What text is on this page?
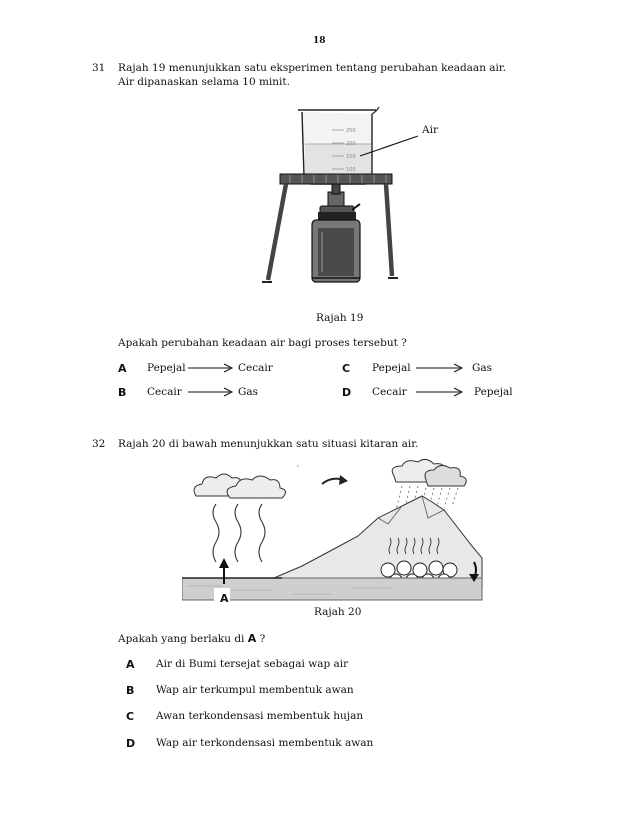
18
31 Rajah 19 menunjukkan satu eksperimen tentang perubahan keadaan air.
Air dipanaskan selama 10 minit.
250
200
150
100
Air
Rajah 19
Apakah perubahan keadaan air bagi proses tersebut ?
A Pepejal	Cecair
B Cecair	Gas
C Pepejal	Gas
D Cecair	Pepejal
32 Rajah 20 di bawah menunjukkan satu situasi kitaran air.
◦
A
Rajah 20
Apakah yang berlaku di A ?
A Air di Bumi tersejat sebagai wap air
B Wap air terkumpul membentuk awan
C Awan terkondensasi membentuk hujan
D Wap air terkondensasi membentuk awan
